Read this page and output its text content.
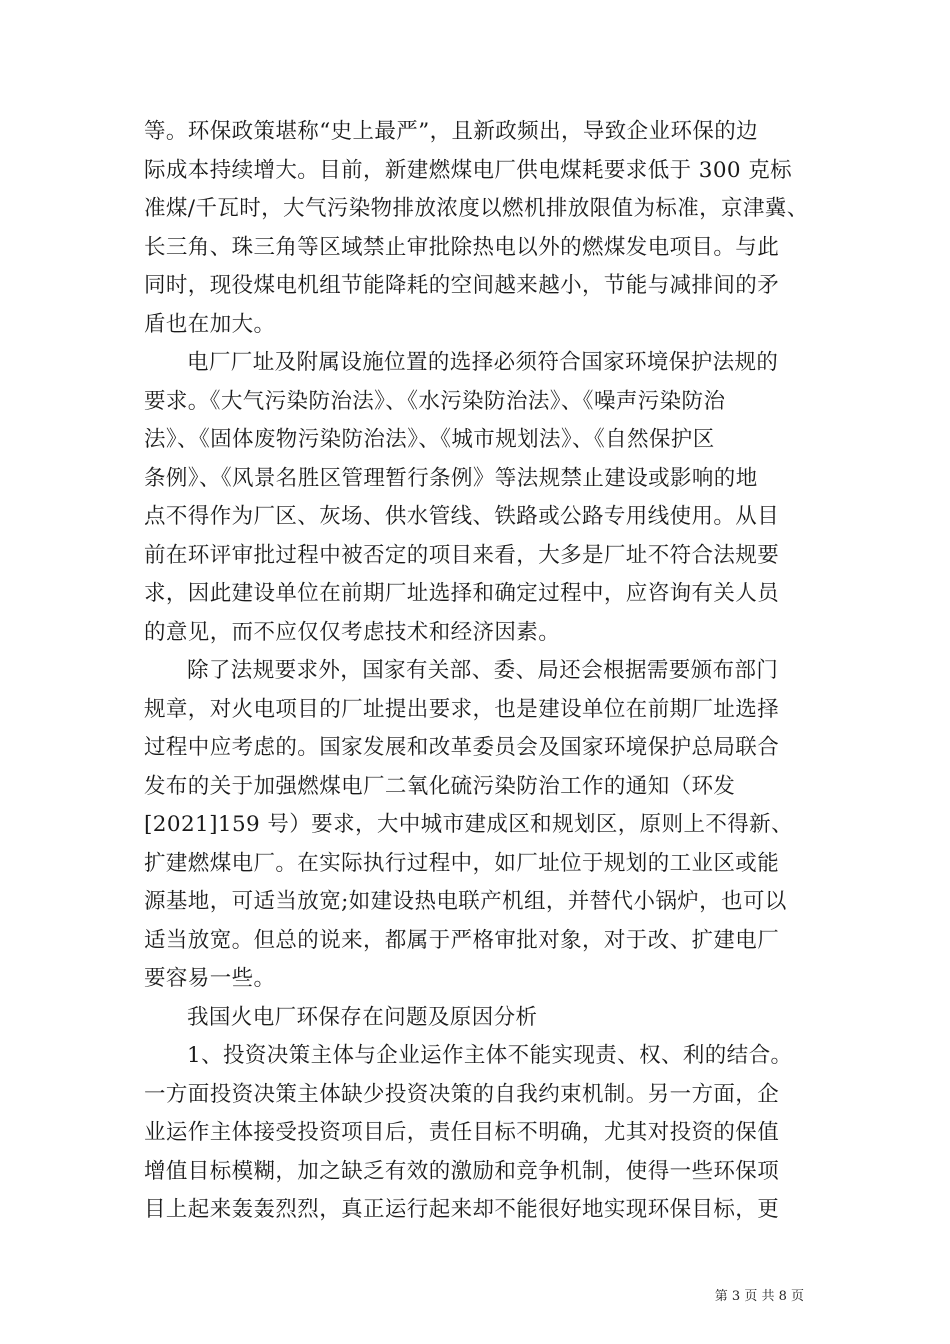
等。环保政策堪称“史上最严”，且新政频出，导致企业环保的边
际成本持续增大。目前，新建燃煤电厂供电煤耗要求低于 300 克标
准煤/千瓦时，大气污染物排放浓度以燃机排放限值为标准，京津冀、
长三角、珠三角等区域禁止审批除热电以外的燃煤发电项目。与此
同时，现役煤电机组节能降耗的空间越来越小，节能与减排间的矛
盾也在加大。
电厂厂址及附属设施位置的选择必须符合国家环境保护法规的
要求。《大气污染防治法》、《水污染防治法》、《噪声污染防治
法》、《固体废物污染防治法》、《城市规划法》、《自然保护区
条例》、《风景名胜区管理暂行条例》等法规禁止建设或影响的地
点不得作为厂区、灰场、供水管线、铁路或公路专用线使用。从目
前在环评审批过程中被否定的项目来看，大多是厂址不符合法规要
求，因此建设单位在前期厂址选择和确定过程中，应咨询有关人员
的意见，而不应仅仅考虑技术和经济因素。
除了法规要求外，国家有关部、委、局还会根据需要颁布部门
规章，对火电项目的厂址提出要求，也是建设单位在前期厂址选择
过程中应考虑的。国家发展和改革委员会及国家环境保护总局联合
发布的关于加强燃煤电厂二氧化硫污染防治工作的通知（环发
[2021]159 号）要求，大中城市建成区和规划区，原则上不得新、
扩建燃煤电厂。在实际执行过程中，如厂址位于规划的工业区或能
源基地，可适当放宽;如建设热电联产机组，并替代小锅炉，也可以
适当放宽。但总的说来，都属于严格审批对象，对于改、扩建电厂
要容易一些。
我国火电厂环保存在问题及原因分析
1、投资决策主体与企业运作主体不能实现责、权、利的结合。
一方面投资决策主体缺少投资决策的自我约束机制。另一方面，企
业运作主体接受投资项目后，责任目标不明确，尤其对投资的保值
增值目标模糊，加之缺乏有效的激励和竞争机制，使得一些环保项
目上起来轰轰烈烈，真正运行起来却不能很好地实现环保目标，更
第 3 页 共 8 页
